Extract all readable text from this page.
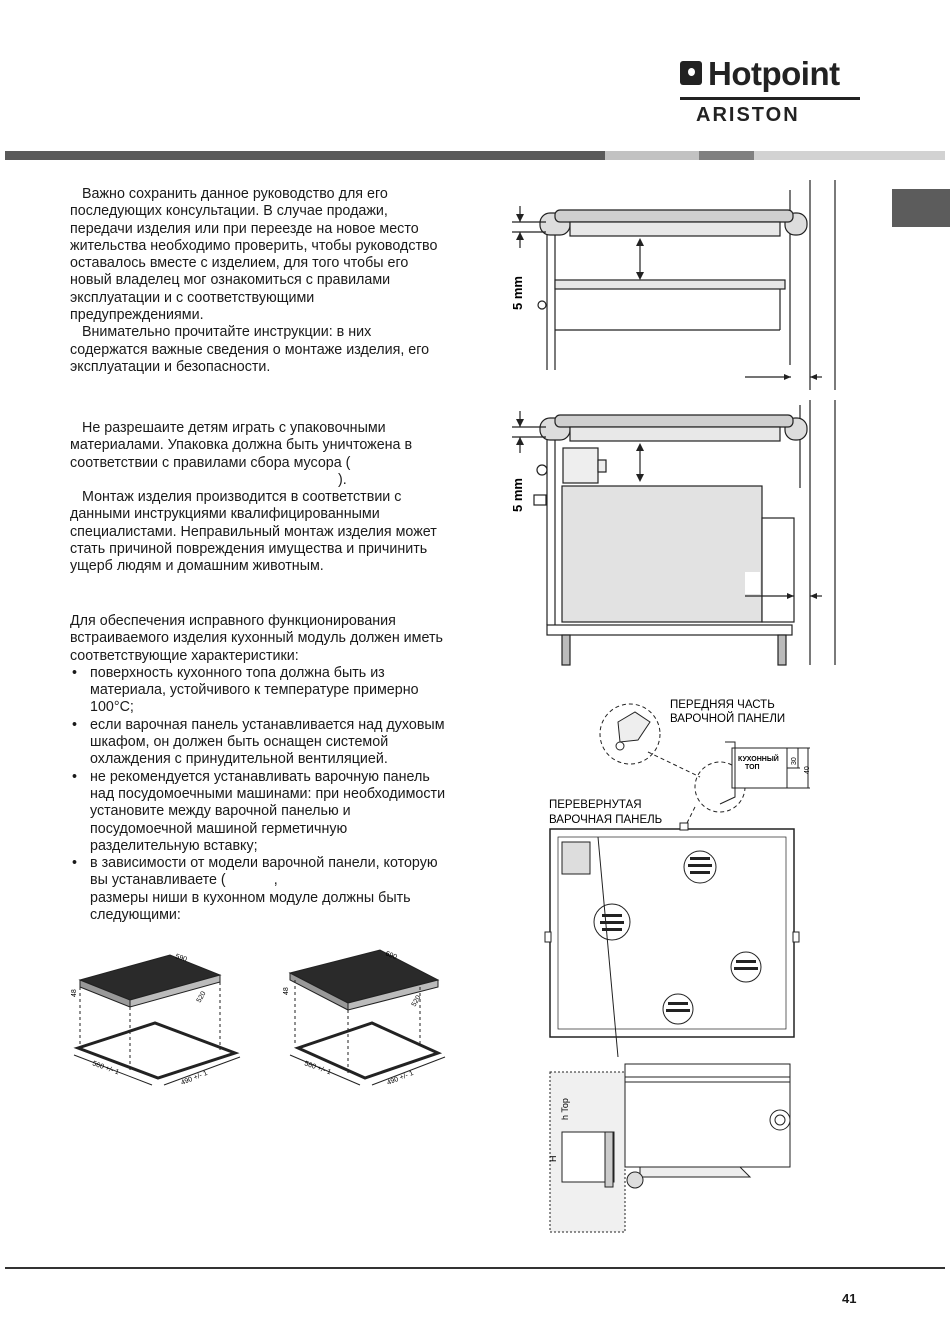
Hotpoint
ARISTON

Важно сохранить данное руководство для его последующих консультации. В случае продажи, передачи изделия или при переезде на новое место жительства необходимо проверить, чтобы руководство оставалось вместе с изделием, для того чтобы его новый владелец мог ознакомиться с правилами эксплуатации и с соответствующими предупреждениями.

Внимательно прочитайте инструкции: в них содержатся важные сведения о монтаже изделия, его эксплуатации и безопасности.

Не разрешаите детям играть с упаковочными материалами. Упаковка должна быть уничтожена в соответствии с правилами сбора мусора (
).

Монтаж изделия производится в соответствии с данными инструкциями квалифицированными специалистами. Неправильный монтаж изделия может стать причиной повреждения имущества и причинить ущерб людям и домашним животным.

Для обеспечения исправного функционирования встраиваемого изделия кухонный модуль должен иметь соответствующие характеристики:

• поверхность кухонного топа должна быть из материала, устойчивого к температуре примерно 100°С;
• если варочная панель устанавливается над духовым шкафом, он должен быть оснащен системой охлаждения с принудительной вентиляцией.
• не рекомендуется устанавливать варочную панель над посудомоечными машинами: при необходимости установите между варочной панелью и посудомоечной машиной герметичную разделительную вставку;
• в зависимости от модели варочной панели, которую вы устанавливаете (	,
размеры ниши в кухонном модуле должны быть следующими:
5 mm
5 mm
ПЕРЕДНЯЯ ЧАСТЬ
ВАРОЧНОЙ ПАНЕЛИ
КУХОННЫЙ
ТОП
30
40
ПЕРЕВЕРНУТАЯ
ВАРОЧНАЯ ПАНЕЛЬ
h Top
H
590
520
48
560 +/- 1
490 +/- 1
690
520
48
560 +/- 1
490 +/- 1
41
